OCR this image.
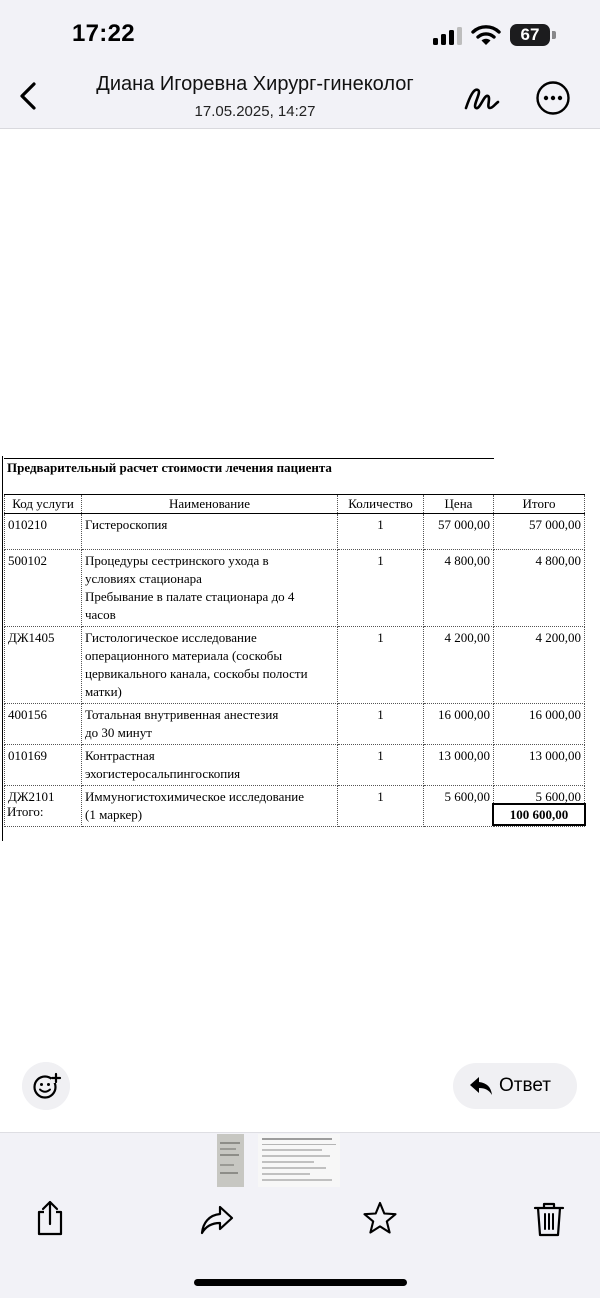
17:22	67
Диана Игоревна Хирург-гинеколог
17.05.2025, 14:27
Предварительный расчет стоимости лечения пациента
Код услуги	Наименование	Количество	Цена	Итого
010210	Гистероскопия	1	57 000,00	57 000,00
500102	Процедуры сестринского ухода в
условиях стационара
Пребывание в палате стационара до 4
часов	1	4 800,00	4 800,00
ДЖ1405	Гистологическое исследование
операционного материала (соскобы
цервикального канала, соскобы полости
матки)	1	4 200,00	4 200,00
400156	Тотальная внутривенная анестезия
до 30 минут	1	16 000,00	16 000,00
010169	Контрастная
эхогистеросальпингоскопия	1	13 000,00	13 000,00
ДЖ2101	Иммуногистохимическое исследование
(1 маркер)	1	5 600,00	5 600,00
Итого:	100 600,00
Ответ
